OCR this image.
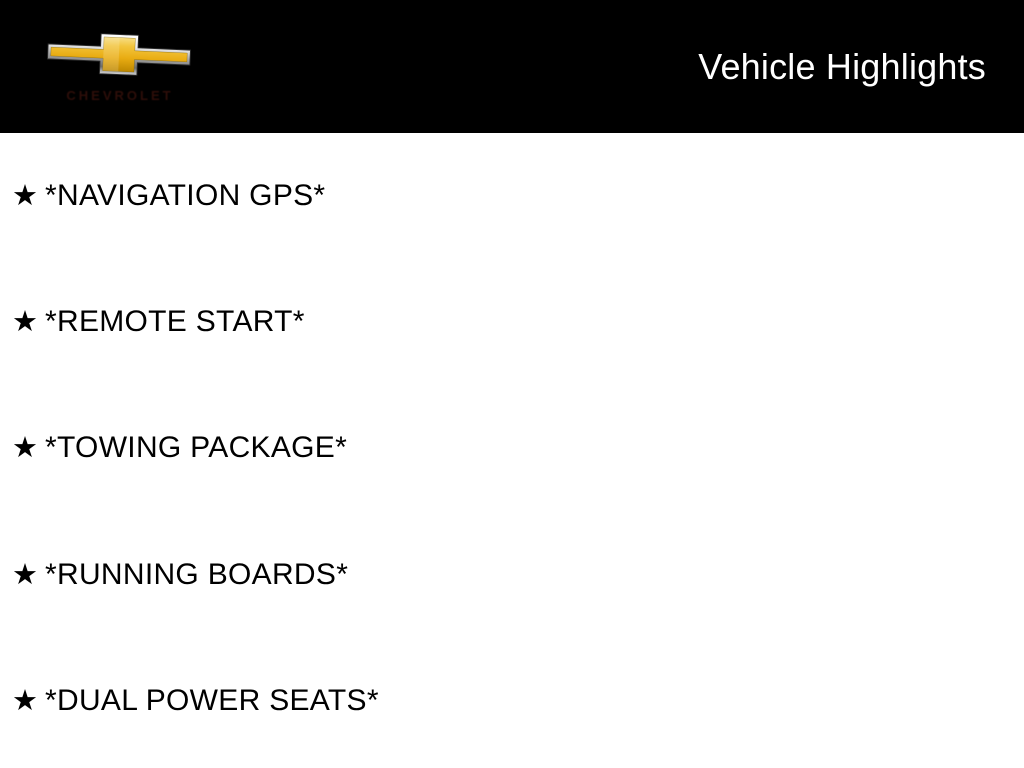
CHEVROLET
Vehicle Highlights
★ *NAVIGATION GPS*
★ *REMOTE START*
★ *TOWING PACKAGE*
★ *RUNNING BOARDS*
★ *DUAL POWER SEATS*
